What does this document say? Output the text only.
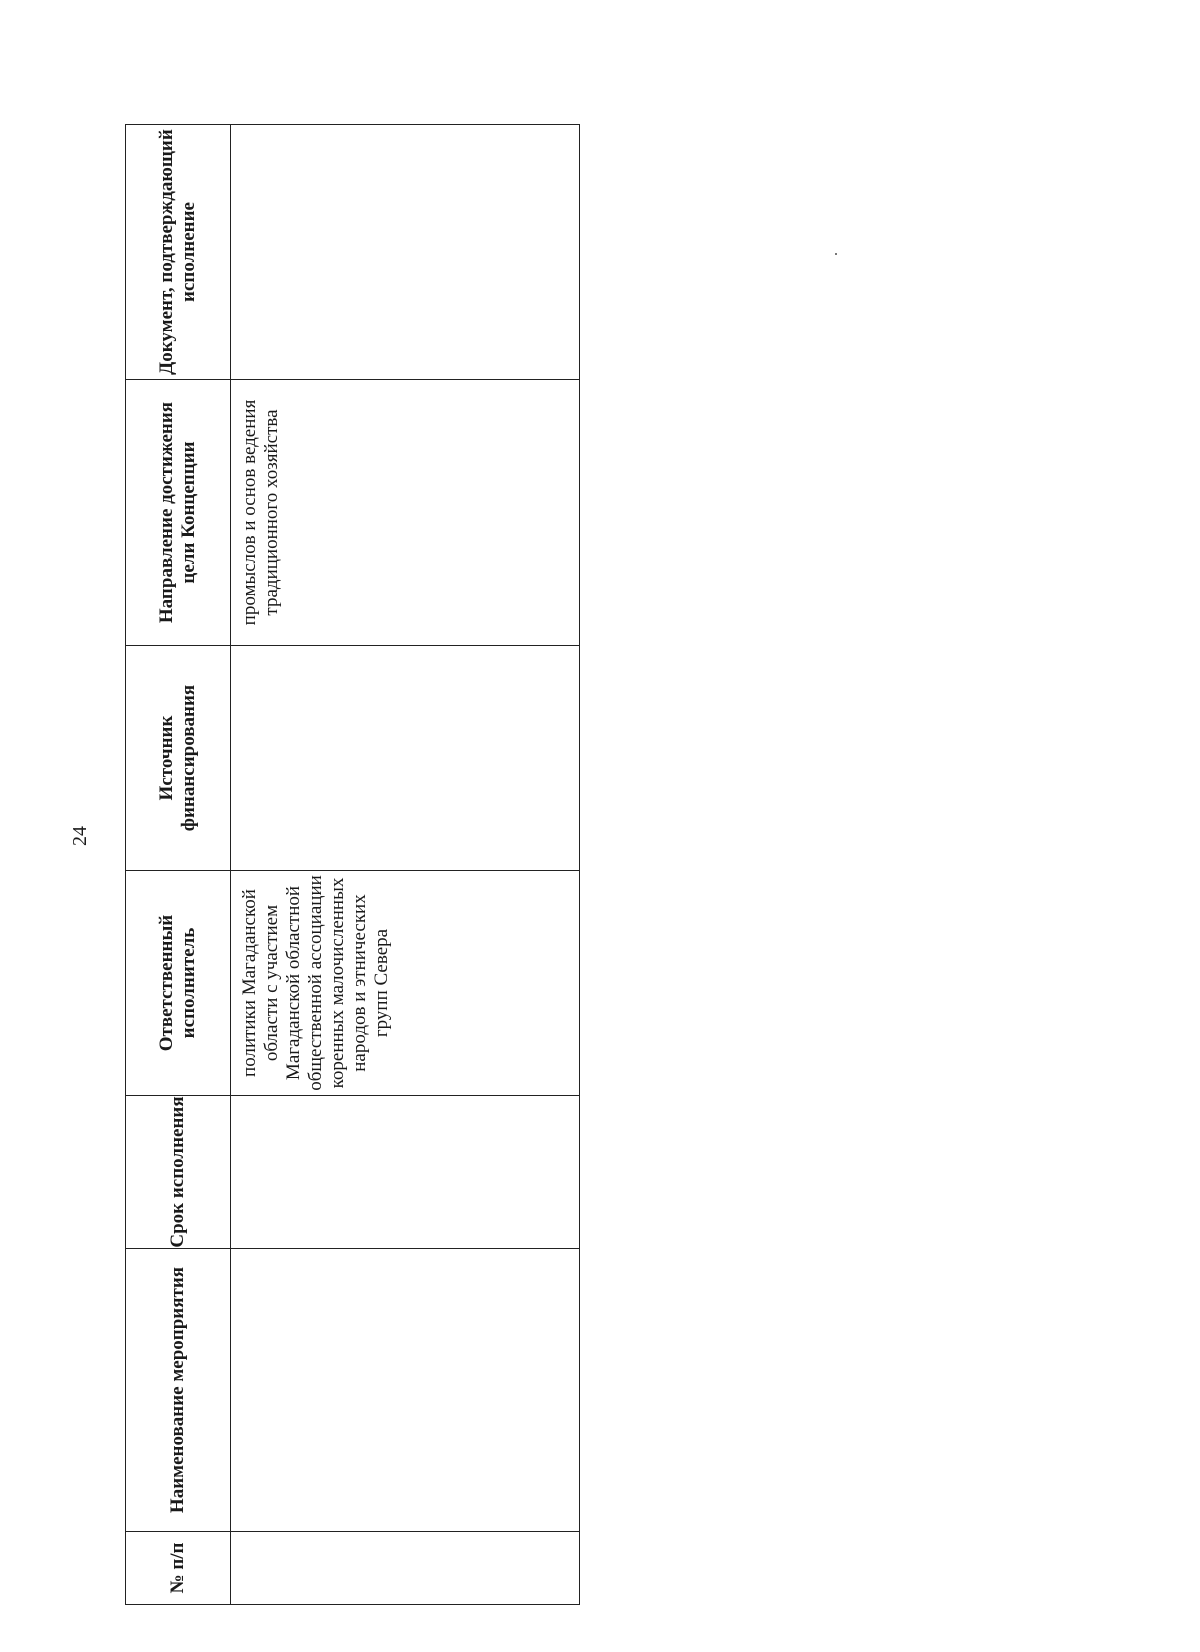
24
№ п/п	Наименование мероприятия	Срок исполнения	Ответственный исполнитель	Источник финансирования	Направление достижения цели Концепции	Документ, подтверждающий исполнение

			политики Магаданской области с участием Магаданской областной общественной ассоциации коренных малочисленных народов и этнических групп Севера		промыслов и основ ведения традиционного хозяйства	
